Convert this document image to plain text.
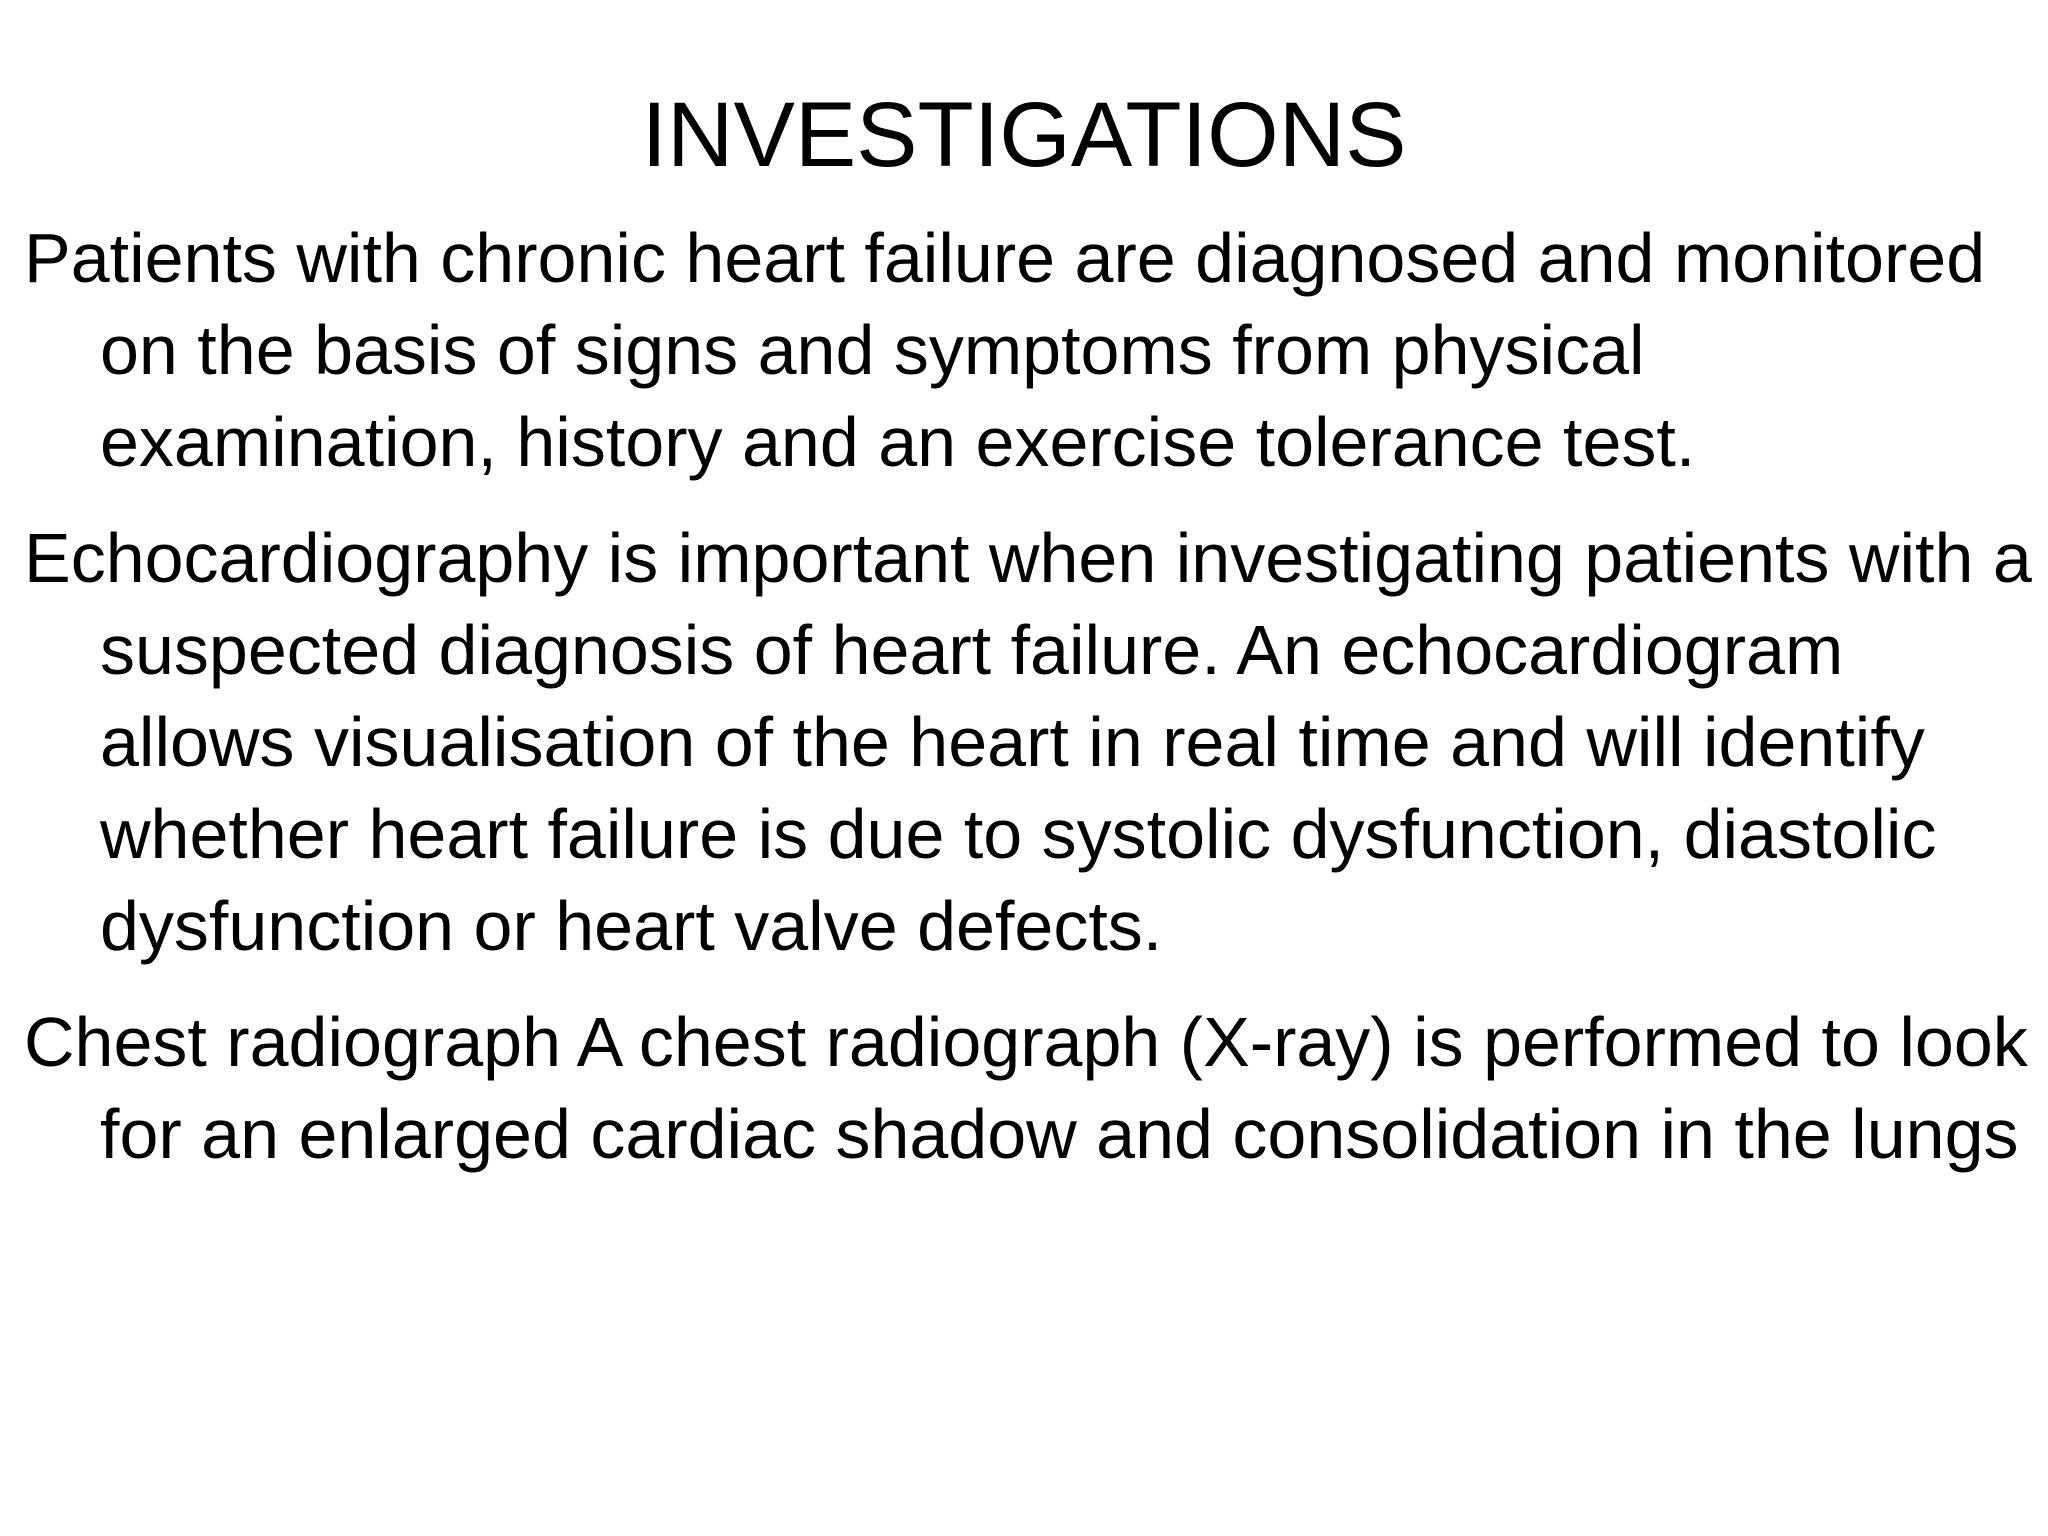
INVESTIGATIONS

Patients with chronic heart failure are diagnosed and monitored on the basis of signs and symptoms from physical examination, history and an exercise tolerance test.

Echocardiography is important when investigating patients with a suspected diagnosis of heart failure. An echocardiogram allows visualisation of the heart in real time and will identify whether heart failure is due to systolic dysfunction, diastolic dysfunction or heart valve defects.

Chest radiograph A chest radiograph (X-ray) is performed to look for an enlarged cardiac shadow and consolidation in the lungs
